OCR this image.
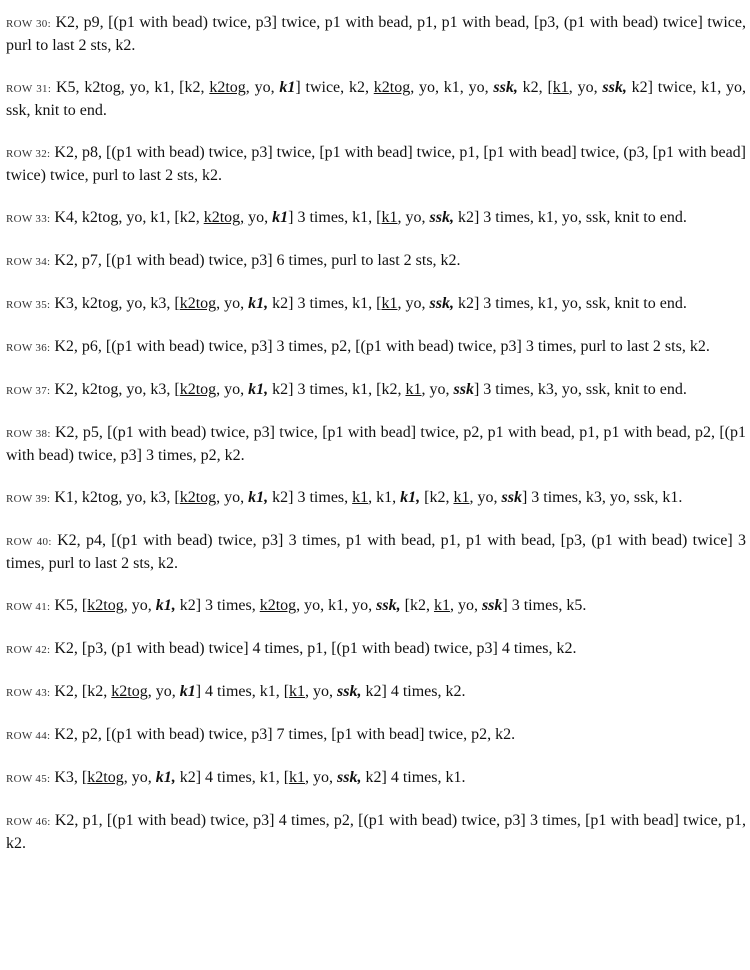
ROW 30: K2, p9, [(p1 with bead) twice, p3] twice, p1 with bead, p1, p1 with bead, [p3, (p1 with bead) twice] twice, purl to last 2 sts, k2.

ROW 31: K5, k2tog, yo, k1, [k2, k2tog, yo, k1] twice, k2, k2tog, yo, k1, yo, ssk, k2, [k1, yo, ssk, k2] twice, k1, yo, ssk, knit to end.

ROW 32: K2, p8, [(p1 with bead) twice, p3] twice, [p1 with bead] twice, p1, [p1 with bead] twice, (p3, [p1 with bead] twice) twice, purl to last 2 sts, k2.

ROW 33: K4, k2tog, yo, k1, [k2, k2tog, yo, k1] 3 times, k1, [k1, yo, ssk, k2] 3 times, k1, yo, ssk, knit to end.

ROW 34: K2, p7, [(p1 with bead) twice, p3] 6 times, purl to last 2 sts, k2.

ROW 35: K3, k2tog, yo, k3, [k2tog, yo, k1, k2] 3 times, k1, [k1, yo, ssk, k2] 3 times, k1, yo, ssk, knit to end.

ROW 36: K2, p6, [(p1 with bead) twice, p3] 3 times, p2, [(p1 with bead) twice, p3] 3 times, purl to last 2 sts, k2.

ROW 37: K2, k2tog, yo, k3, [k2tog, yo, k1, k2] 3 times, k1, [k2, k1, yo, ssk] 3 times, k3, yo, ssk, knit to end.

ROW 38: K2, p5, [(p1 with bead) twice, p3] twice, [p1 with bead] twice, p2, p1 with bead, p1, p1 with bead, p2, [(p1 with bead) twice, p3] 3 times, p2, k2.

ROW 39: K1, k2tog, yo, k3, [k2tog, yo, k1, k2] 3 times, k1, k1, k1, [k2, k1, yo, ssk] 3 times, k3, yo, ssk, k1.

ROW 40: K2, p4, [(p1 with bead) twice, p3] 3 times, p1 with bead, p1, p1 with bead, [p3, (p1 with bead) twice] 3 times, purl to last 2 sts, k2.

ROW 41: K5, [k2tog, yo, k1, k2] 3 times, k2tog, yo, k1, yo, ssk, [k2, k1, yo, ssk] 3 times, k5.

ROW 42: K2, [p3, (p1 with bead) twice] 4 times, p1, [(p1 with bead) twice, p3] 4 times, k2.

ROW 43: K2, [k2, k2tog, yo, k1] 4 times, k1, [k1, yo, ssk, k2] 4 times, k2.

ROW 44: K2, p2, [(p1 with bead) twice, p3] 7 times, [p1 with bead] twice, p2, k2.

ROW 45: K3, [k2tog, yo, k1, k2] 4 times, k1, [k1, yo, ssk, k2] 4 times, k1.

ROW 46: K2, p1, [(p1 with bead) twice, p3] 4 times, p2, [(p1 with bead) twice, p3] 3 times, [p1 with bead] twice, p1, k2.
